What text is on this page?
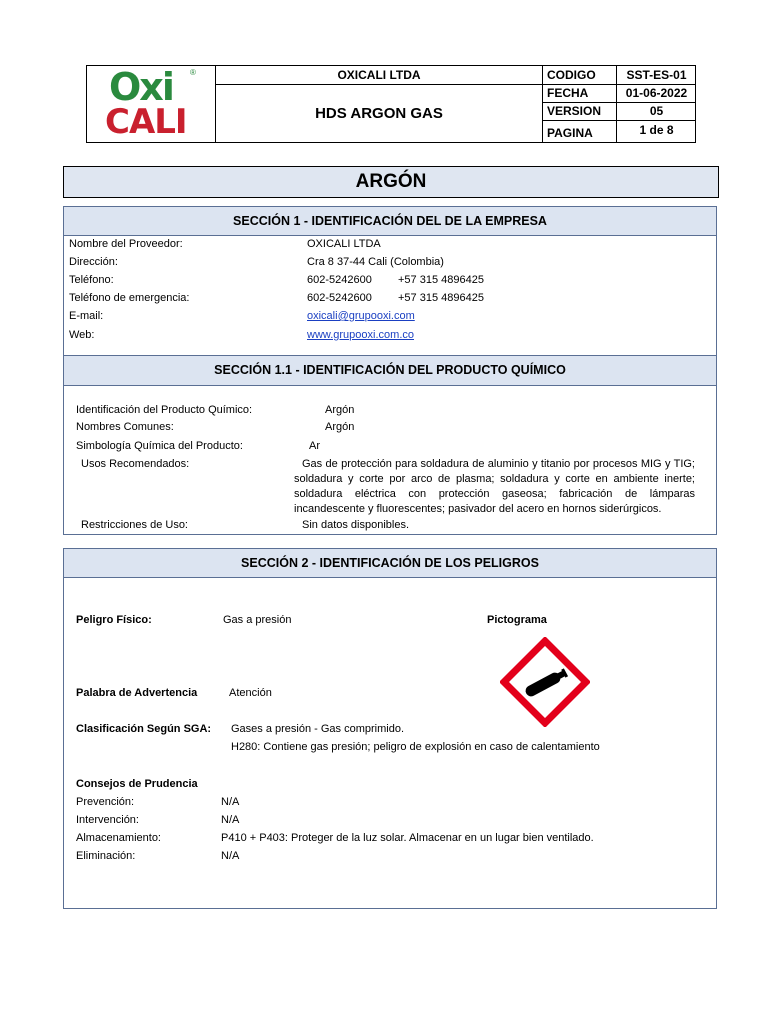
Oxi ®
CALI
OXICALI LTDA
HDS ARGON GAS
CODIGO	SST-ES-01
FECHA	01-06-2022
VERSION	05
PAGINA	1 de 8
ARGÓN
SECCIÓN 1 - IDENTIFICACIÓN DEL DE LA EMPRESA
Nombre del Proveedor:	OXICALI LTDA
Dirección:	Cra 8 37-44 Cali (Colombia)
Teléfono:	602-5242600 +57 315 4896425
Teléfono de emergencia:	602-5242600 +57 315 4896425
E-mail:	oxicali@grupooxi.com
Web:	www.grupooxi.com.co
SECCIÓN 1.1 - IDENTIFICACIÓN DEL PRODUCTO QUÍMICO
Identificación del Producto Químico:	Argón
Nombres Comunes:	Argón
Simbología Química del Producto:	Ar
Usos Recomendados:	Gas de protección para soldadura de aluminio y titanio por procesos MIG y TIG; soldadura y corte por arco de plasma; soldadura y corte en ambiente inerte; soldadura eléctrica con protección gaseosa; fabricación de lámparas incandescente y fluorescentes; pasivador del acero en hornos siderúrgicos.
Restricciones de Uso:	Sin datos disponibles.
SECCIÓN 2 - IDENTIFICACIÓN DE LOS PELIGROS
Peligro Físico:	Gas a presión	Pictograma
Palabra de Advertencia	Atención
Clasificación Según SGA: Gases a presión - Gas comprimido.
H280: Contiene gas presión; peligro de explosión en caso de calentamiento
Consejos de Prudencia
Prevención:	N/A
Intervención:	N/A
Almacenamiento:	P410 + P403: Proteger de la luz solar. Almacenar en un lugar bien ventilado.
Eliminación:	N/A
